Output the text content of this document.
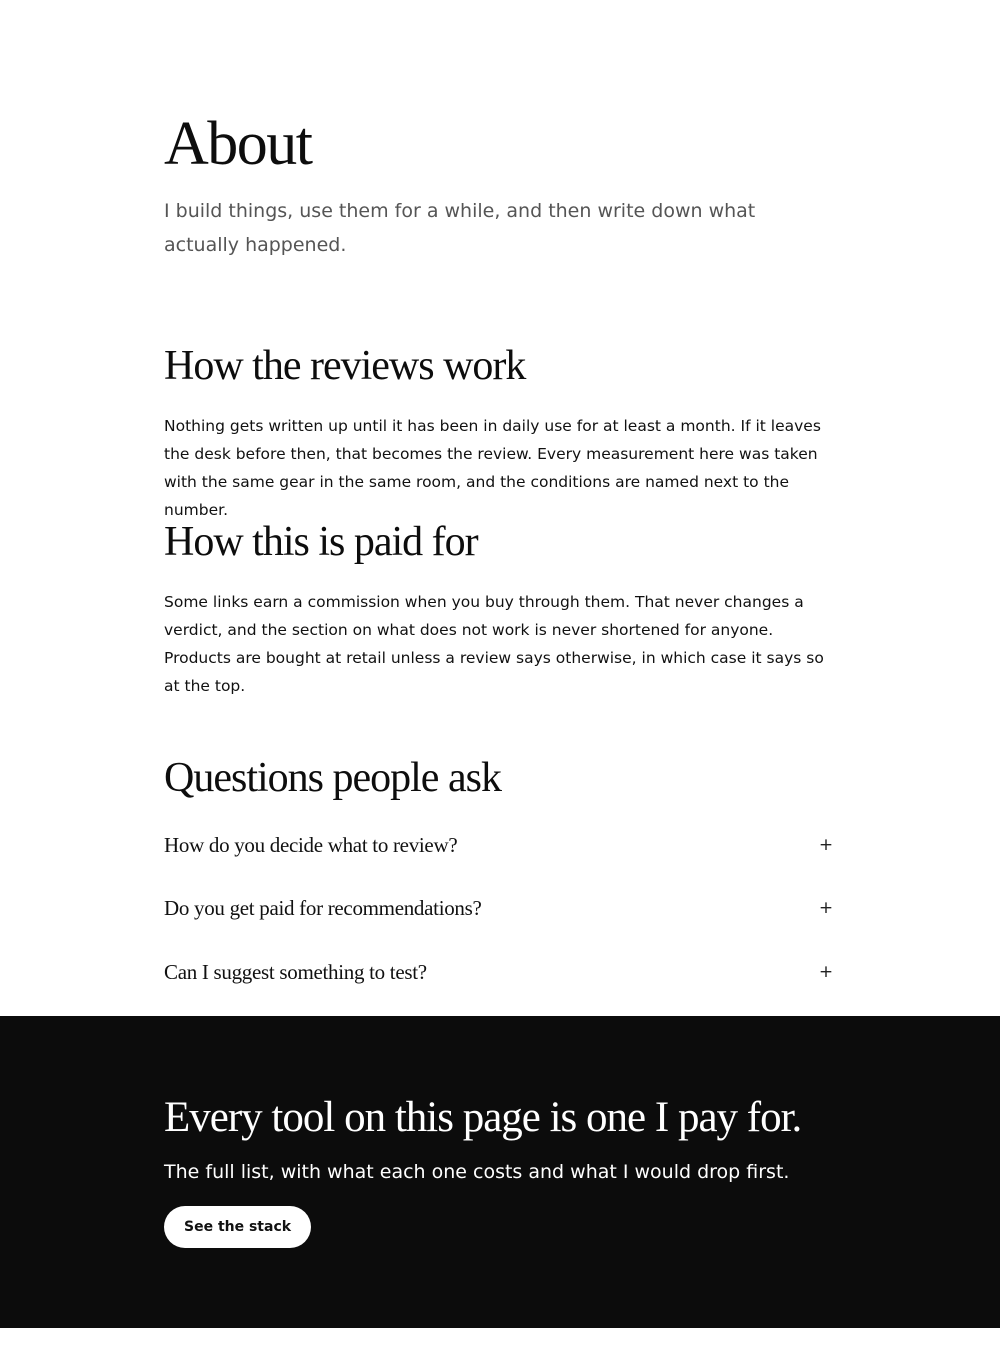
About

I build things, use them for a while, and then write down what actually happened.

How the reviews work

Nothing gets written up until it has been in daily use for at least a month. If it leaves the desk before then, that becomes the review. Every measurement here was taken with the same gear in the same room, and the conditions are named next to the number.

How this is paid for

Some links earn a commission when you buy through them. That never changes a verdict, and the section on what does not work is never shortened for anyone. Products are bought at retail unless a review says otherwise, in which case it says so at the top.

Questions people ask
How do you decide what to review?	+
Do you get paid for recommendations?	+
Can I suggest something to test?	+
Every tool on this page is one I pay for.

The full list, with what each one costs and what I would drop first.

See the stack
